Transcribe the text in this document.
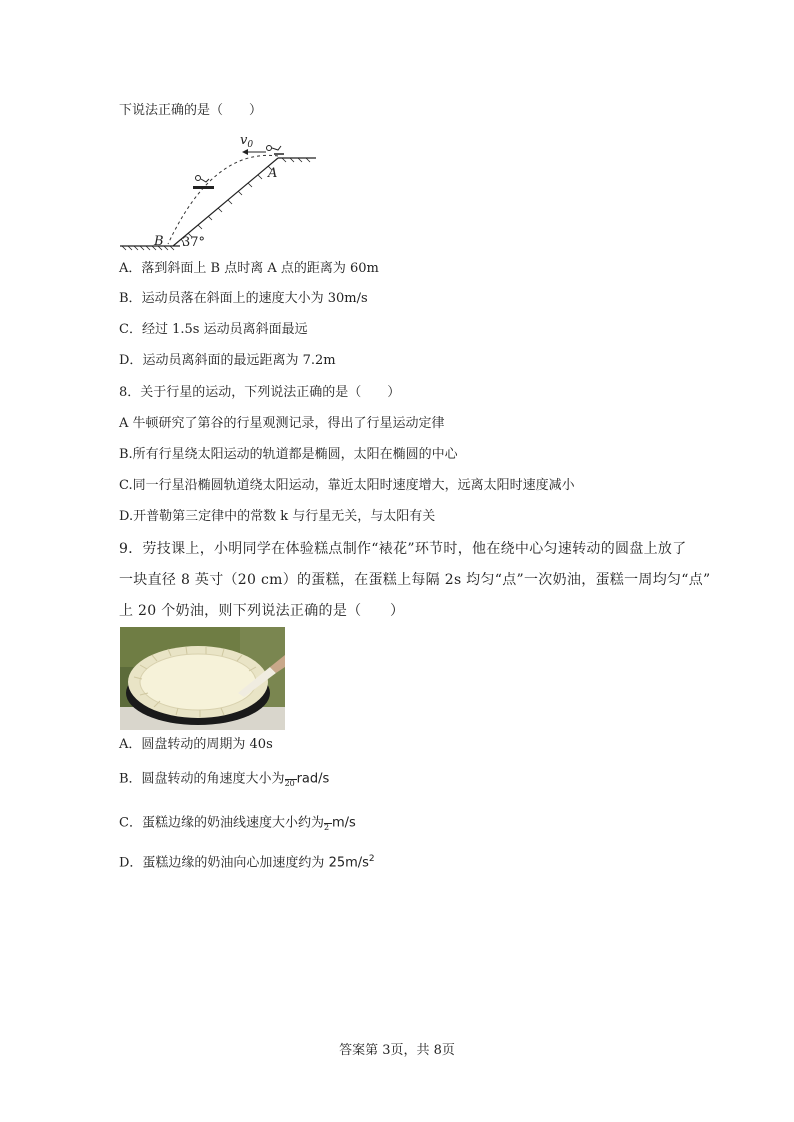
下说法正确的是（　　）
$v_0$
A
B 37°
A．落到斜面上 B 点时离 A 点的距离为 60m
B．运动员落在斜面上的速度大小为 30m/s
C．经过 1.5s 运动员离斜面最远
D．运动员离斜面的最远距离为 7.2m
8．关于行星的运动，下列说法正确的是（　　）
A 牛顿研究了第谷的行星观测记录，得出了行星运动定律
B.所有行星绕太阳运动的轨道都是椭圆，太阳在椭圆的中心
C.同一行星沿椭圆轨道绕太阳运动，靠近太阳时速度增大，远离太阳时速度减小
D.开普勒第三定律中的常数 k 与行星无关，与太阳有关
9．劳技课上，小明同学在体验糕点制作“裱花”环节时，他在绕中心匀速转动的圆盘上放了
一块直径 8 英寸（20 cm）的蛋糕，在蛋糕上每隔 2s 均匀“点”一次奶油，蛋糕一周均匀“点”
上 20 个奶油，则下列说法正确的是（　　）
A．圆盘转动的周期为 40s
B．圆盘转动的角速度大小为 20 rad/s
C．蛋糕边缘的奶油线速度大小约为 2 m/s
D．蛋糕边缘的奶油向心加速度约为 $25m/s^2$
答案第 3页，共 8页
